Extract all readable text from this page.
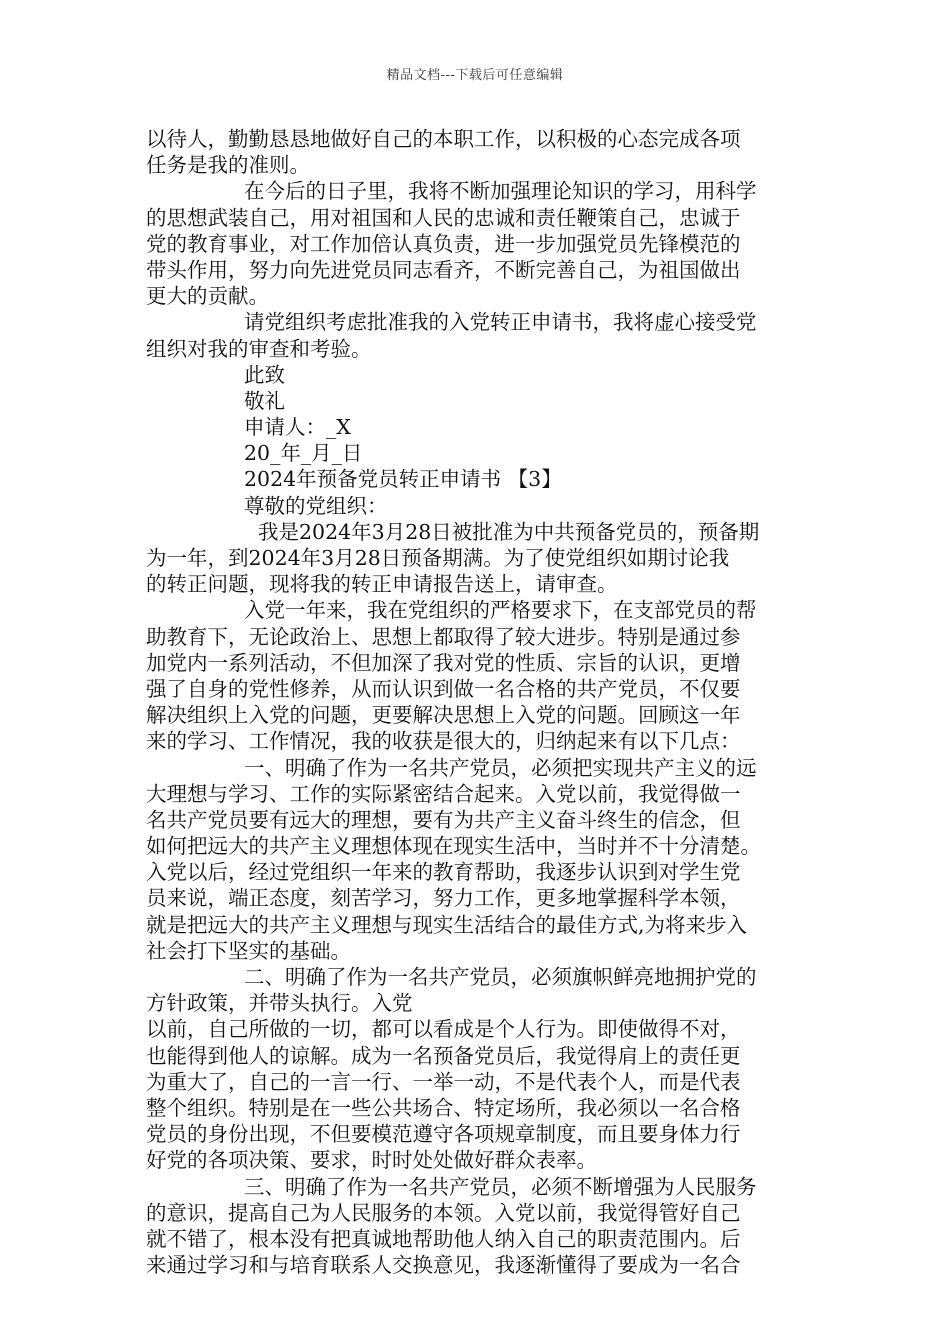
精品文档---下载后可任意编辑
以待人，勤勤恳恳地做好自己的本职工作，以积极的心态完成各项
任务是我的准则。
在今后的日子里，我将不断加强理论知识的学习，用科学
的思想武装自己，用对祖国和人民的忠诚和责任鞭策自己，忠诚于
党的教育事业，对工作加倍认真负责，进一步加强党员先锋模范的
带头作用，努力向先进党员同志看齐，不断完善自己，为祖国做出
更大的贡献。
请党组织考虑批准我的入党转正申请书，我将虚心接受党
组织对我的审查和考验。
此致
敬礼
申请人：_X
20_年_月_日
2024年预备党员转正申请书 【3】
尊敬的党组织：
我是2024年3月28日被批准为中共预备党员的，预备期
为一年，到2024年3月28日预备期满。为了使党组织如期讨论我
的转正问题，现将我的转正申请报告送上，请审查。
入党一年来，我在党组织的严格要求下，在支部党员的帮
助教育下，无论政治上、思想上都取得了较大进步。特别是通过参
加党内一系列活动，不但加深了我对党的性质、宗旨的认识，更增
强了自身的党性修养，从而认识到做一名合格的共产党员，不仅要
解决组织上入党的问题，更要解决思想上入党的问题。回顾这一年
来的学习、工作情况，我的收获是很大的，归纳起来有以下几点：
一、明确了作为一名共产党员，必须把实现共产主义的远
大理想与学习、工作的实际紧密结合起来。入党以前，我觉得做一
名共产党员要有远大的理想，要有为共产主义奋斗终生的信念，但
如何把远大的共产主义理想体现在现实生活中，当时并不十分清楚。
入党以后，经过党组织一年来的教育帮助，我逐步认识到对学生党
员来说，端正态度，刻苦学习，努力工作，更多地掌握科学本领，
就是把远大的共产主义理想与现实生活结合的最佳方式,为将来步入
社会打下坚实的基础。
二、明确了作为一名共产党员，必须旗帜鲜亮地拥护党的
方针政策，并带头执行。入党
以前，自己所做的一切，都可以看成是个人行为。即使做得不对，
也能得到他人的谅解。成为一名预备党员后，我觉得肩上的责任更
为重大了，自己的一言一行、一举一动，不是代表个人，而是代表
整个组织。特别是在一些公共场合、特定场所，我必须以一名合格
党员的身份出现，不但要模范遵守各项规章制度，而且要身体力行
好党的各项决策、要求，时时处处做好群众表率。
三、明确了作为一名共产党员，必须不断增强为人民服务
的意识，提高自己为人民服务的本领。入党以前，我觉得管好自己
就不错了，根本没有把真诚地帮助他人纳入自己的职责范围内。后
来通过学习和与培育联系人交换意见，我逐渐懂得了要成为一名合
